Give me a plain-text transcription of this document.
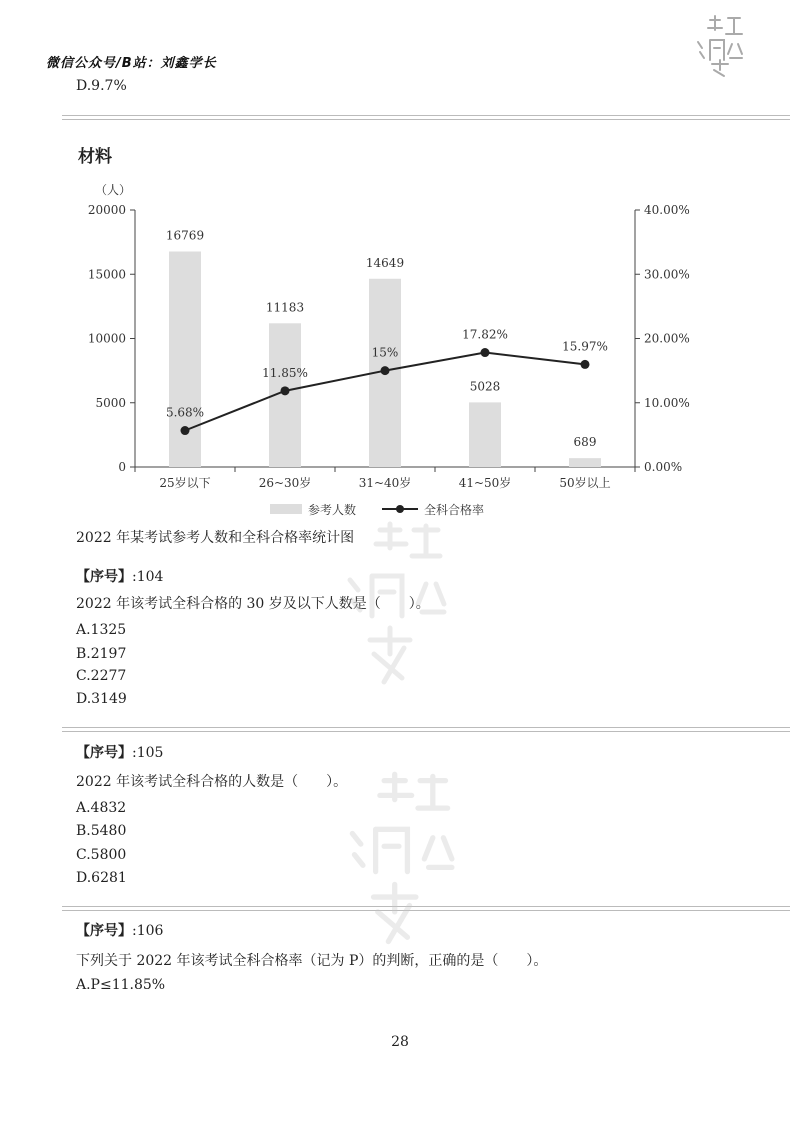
微信公众号/B站：刘鑫学长
D.9.7%
材料
20000
15000
10000
5000
0
40.00%
30.00%
20.00%
10.00%
0.00%
（人）
25岁以下	26~30岁	31~40岁	41~50岁	50岁以上
16769
11183
14649
5028
689
5.68%
11.85%
15%
17.82%
15.97%
参考人数	全科合格率
2022 年某考试参考人数和全科合格率统计图
【序号】:104
2022 年该考试全科合格的 30 岁及以下人数是（　　）。
A.1325
B.2197
C.2277
D.3149
【序号】:105
2022 年该考试全科合格的人数是（　　）。
A.4832
B.5480
C.5800
D.6281
【序号】:106
下列关于 2022 年该考试全科合格率（记为 P）的判断，正确的是（　　）。
A.P≤11.85%
28
